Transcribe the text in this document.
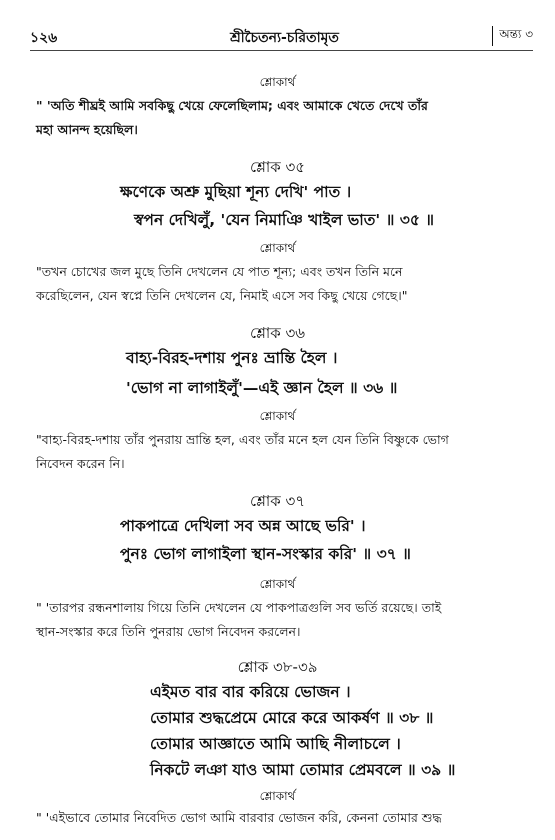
১২৬	শ্রীচৈতন্য-চরিতামৃত	অন্ত্য ৩
শ্লোকার্থ
" 'অতি শীঘ্রই আমি সবকিছু খেয়ে ফেলেছিলাম; এবং আমাকে খেতে দেখে তাঁর
মহা আনন্দ হয়েছিল।
শ্লোক ৩৫
ক্ষণেকে অশ্রু মুছিয়া শূন্য দেখি' পাত ।
স্বপন দেখিলুঁ, 'যেন নিমাঞি খাইল ভাত' ॥ ৩৫ ॥
শ্লোকার্থ
"তখন চোখের জল মুছে তিনি দেখলেন যে পাত শূন্য; এবং তখন তিনি মনে
করেছিলেন, যেন স্বপ্নে তিনি দেখলেন যে, নিমাই এসে সব কিছু খেয়ে গেছে।"
শ্লোক ৩৬
বাহ্য-বিরহ-দশায় পুনঃ ভ্রান্তি হৈল ।
'ভোগ না লাগাইলুঁ'—এই জ্ঞান হৈল ॥ ৩৬ ॥
শ্লোকার্থ
"বাহ্য-বিরহ-দশায় তাঁর পুনরায় ভ্রান্তি হল, এবং তাঁর মনে হল যেন তিনি বিষ্ণুকে ভোগ
নিবেদন করেন নি।
শ্লোক ৩৭
পাকপাত্রে দেখিলা সব অন্ন আছে ভরি' ।
পুনঃ ভোগ লাগাইলা স্থান-সংস্কার করি' ॥ ৩৭ ॥
শ্লোকার্থ
" 'তারপর রন্ধনশালায় গিয়ে তিনি দেখলেন যে পাকপাত্রগুলি সব ভর্তি রয়েছে। তাই
স্থান-সংস্কার করে তিনি পুনরায় ভোগ নিবেদন করলেন।
শ্লোক ৩৮-৩৯
এইমত বার বার করিয়ে ভোজন ।
তোমার শুদ্ধপ্রেমে মোরে করে আকর্ষণ ॥ ৩৮ ॥
তোমার আজ্ঞাতে আমি আছি নীলাচলে ।
নিকটে লঞা যাও আমা তোমার প্রেমবলে ॥ ৩৯ ॥
শ্লোকার্থ
" 'এইভাবে তোমার নিবেদিত ভোগ আমি বারবার ভোজন করি, কেননা তোমার শুদ্ধ
